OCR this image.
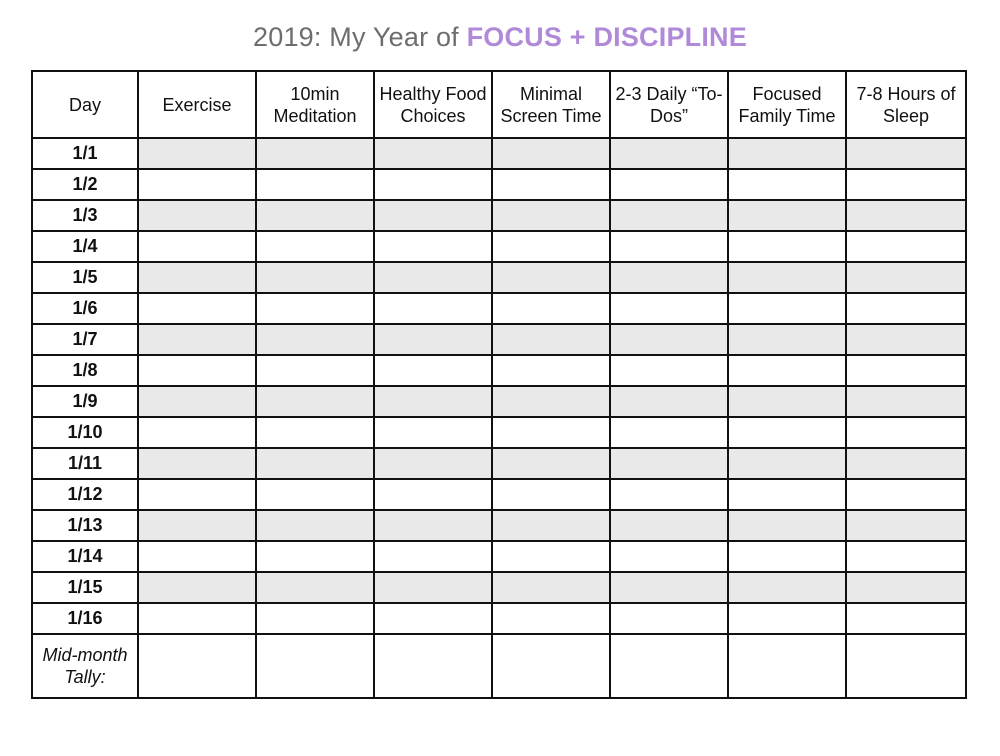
2019: My Year of FOCUS + DISCIPLINE
Day	Exercise	10min Meditation	Healthy Food Choices	Minimal Screen Time	2-3 Daily “To-Dos”	Focused Family Time	7-8 Hours of Sleep
1/1							
1/2							
1/3							
1/4							
1/5							
1/6							
1/7							
1/8							
1/9							
1/10							
1/11							
1/12							
1/13							
1/14							
1/15							
1/16							
Mid-month Tally:							
